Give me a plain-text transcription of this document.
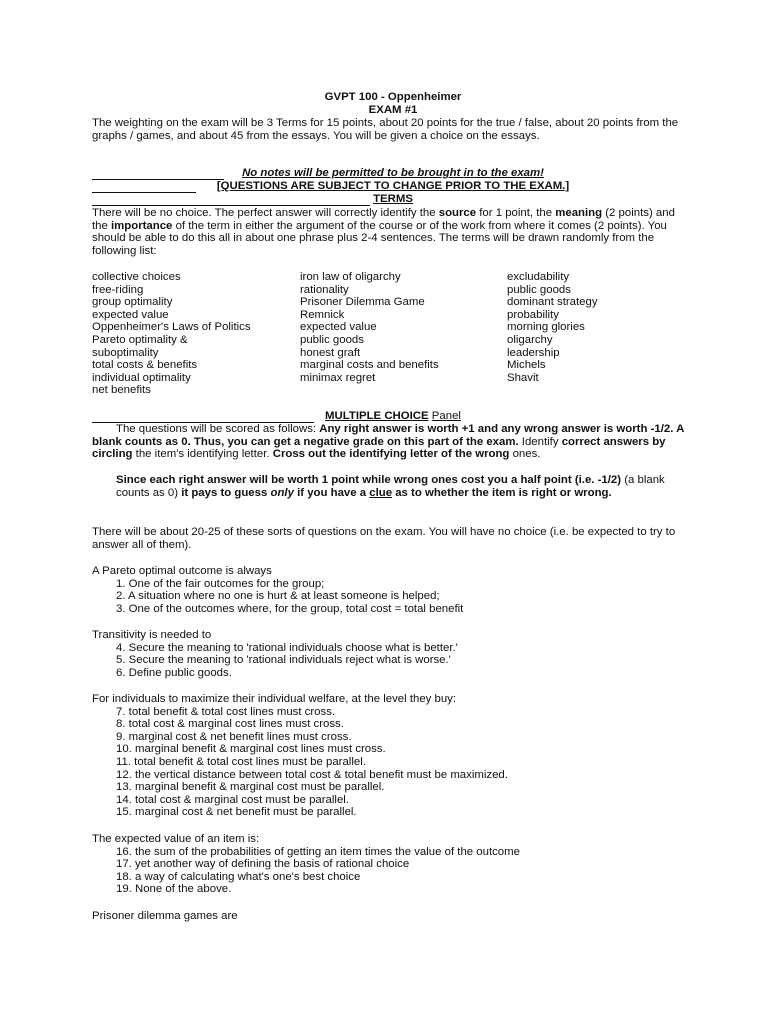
GVPT 100 - Oppenheimer
EXAM #1

The weighting on the exam will be 3 Terms for 15 points, about 20 points for the true / false, about 20 points from the graphs / games, and about 45 from the essays. You will be given a choice on the essays.

No notes will be permitted to be brought in to the exam!
[QUESTIONS ARE SUBJECT TO CHANGE PRIOR TO THE EXAM.]
TERMS

There will be no choice. The perfect answer will correctly identify the source for 1 point, the meaning (2 points) and the importance of the term in either the argument of the course or of the work from where it comes (2 points). You should be able to do this all in about one phrase plus 2-4 sentences. The terms will be drawn randomly from the following list:

collective choices
free-riding
group optimality
expected value
Oppenheimer's Laws of Politics
Pareto optimality &
suboptimality
total costs & benefits
individual optimality
net benefits
iron law of oligarchy
rationality
Prisoner Dilemma Game
Remnick
expected value
public goods
honest graft
marginal costs and benefits
minimax regret
excludability
public goods
dominant strategy
probability
morning glories
oligarchy
leadership
Michels
Shavit
MULTIPLE CHOICE Panel

The questions will be scored as follows: Any right answer is worth +1 and any wrong answer is worth -1/2. A blank counts as 0. Thus, you can get a negative grade on this part of the exam. Identify correct answers by circling the item's identifying letter. Cross out the identifying letter of the wrong ones.

Since each right answer will be worth 1 point while wrong ones cost you a half point (i.e. -1/2) (a blank counts as 0) it pays to guess only if you have a clue as to whether the item is right or wrong.

There will be about 20-25 of these sorts of questions on the exam. You will have no choice (i.e. be expected to try to answer all of them).

A Pareto optimal outcome is always
1. One of the fair outcomes for the group;
2. A situation where no one is hurt & at least someone is helped;
3. One of the outcomes where, for the group, total cost = total benefit
Transitivity is needed to
4. Secure the meaning to 'rational individuals choose what is better.'
5. Secure the meaning to 'rational individuals reject what is worse.'
6. Define public goods.
For individuals to maximize their individual welfare, at the level they buy:
7. total benefit & total cost lines must cross.
8. total cost & marginal cost lines must cross.
9. marginal cost & net benefit lines must cross.
10. marginal benefit & marginal cost lines must cross.
11. total benefit & total cost lines must be parallel.
12. the vertical distance between total cost & total benefit must be maximized.
13. marginal benefit & marginal cost must be parallel.
14. total cost & marginal cost must be parallel.
15. marginal cost & net benefit must be parallel.
The expected value of an item is:
16. the sum of the probabilities of getting an item times the value of the outcome
17. yet another way of defining the basis of rational choice
18. a way of calculating what's one's best choice
19. None of the above.
Prisoner dilemma games are
